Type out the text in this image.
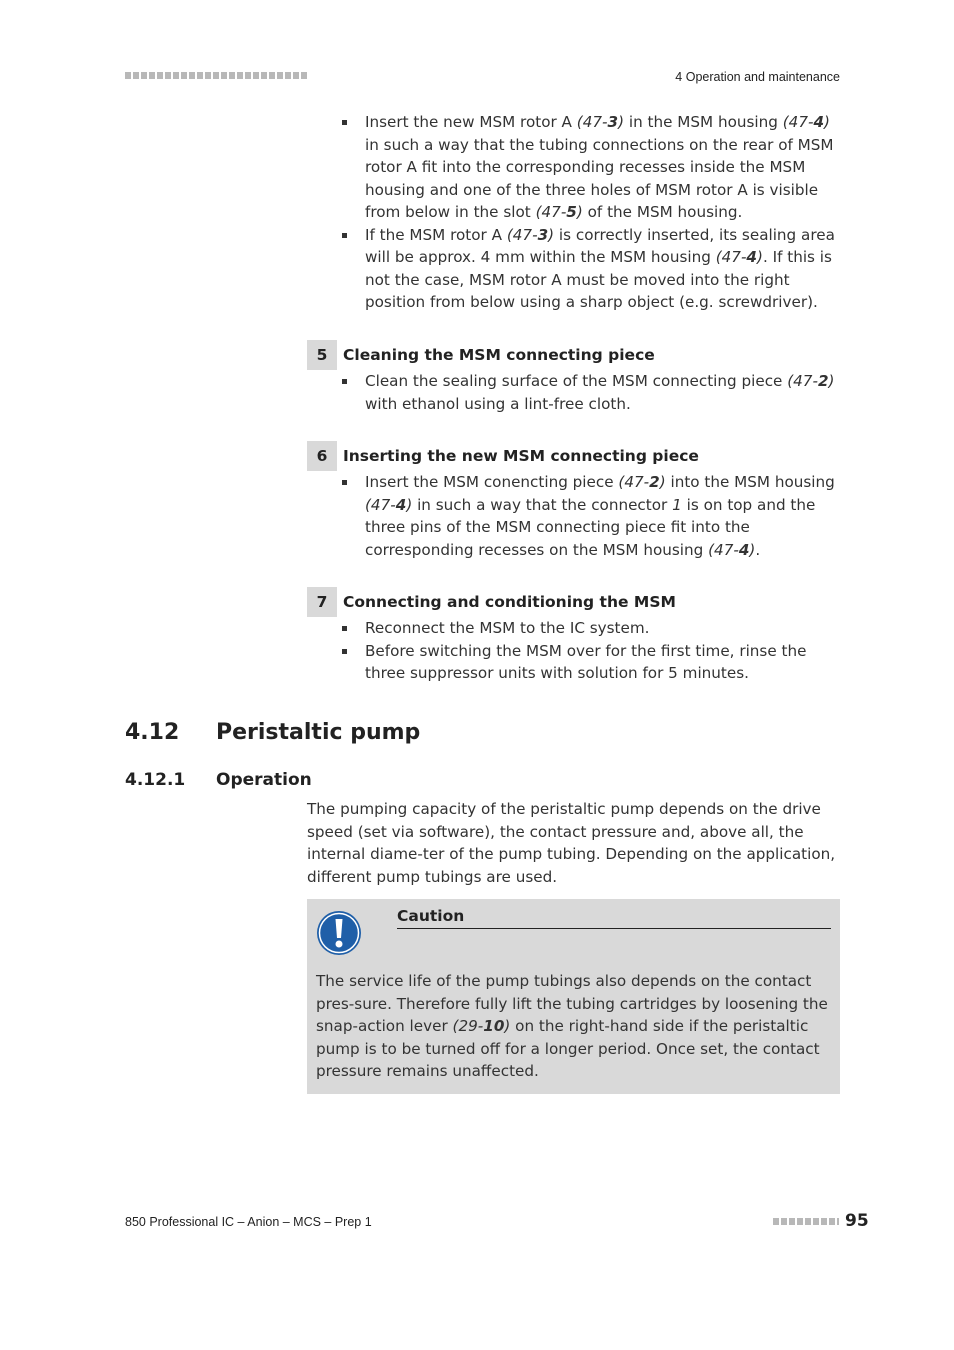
4 Operation and maintenance
Insert the new MSM rotor A (47-3) in the MSM housing (47-4) in such a way that the tubing connections on the rear of MSM rotor A fit into the corresponding recesses inside the MSM housing and one of the three holes of MSM rotor A is visible from below in the slot (47-5) of the MSM housing.
If the MSM rotor A (47-3) is correctly inserted, its sealing area will be approx. 4 mm within the MSM housing (47-4). If this is not the case, MSM rotor A must be moved into the right position from below using a sharp object (e.g. screwdriver).
5	Cleaning the MSM connecting piece
Clean the sealing surface of the MSM connecting piece (47-2) with ethanol using a lint-free cloth.
6	Inserting the new MSM connecting piece
Insert the MSM conencting piece (47-2) into the MSM housing (47-4) in such a way that the connector 1 is on top and the three pins of the MSM connecting piece fit into the corresponding recesses on the MSM housing (47-4).
7	Connecting and conditioning the MSM
Reconnect the MSM to the IC system.
Before switching the MSM over for the first time, rinse the three suppressor units with solution for 5 minutes.
4.12 Peristaltic pump
4.12.1 Operation
The pumping capacity of the peristaltic pump depends on the drive speed (set via software), the contact pressure and, above all, the internal diame-ter of the pump tubing. Depending on the application, different pump tubings are used.
Caution
The service life of the pump tubings also depends on the contact pres-sure. Therefore fully lift the tubing cartridges by loosening the snap-action lever (29-10) on the right-hand side if the peristaltic pump is to be turned off for a longer period. Once set, the contact pressure remains unaffected.
850 Professional IC – Anion – MCS – Prep 1	95
